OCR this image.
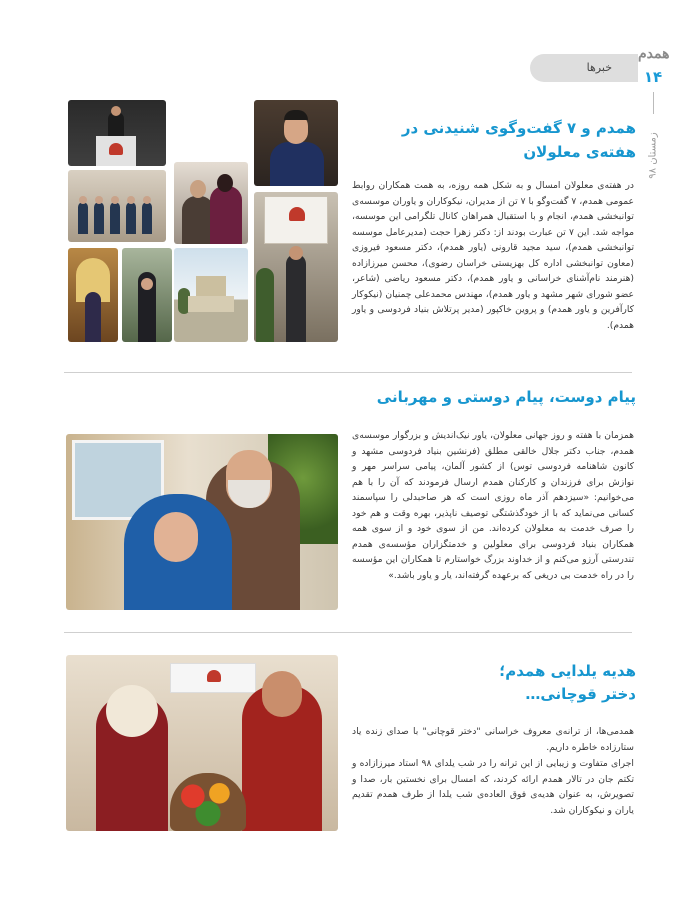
خبرها
همدم
۱۴
زمستان ۹۸
همدم و ۷ گفت‌وگوی شنیدنی در هفته‌ی معلولان
در هفته‌ی معلولان امسال و به شکل همه روزه، به همت همکاران روابط عمومی همدم، ۷ گفت‌وگو با ۷ تن از مدیران، نیکوکاران و یاوران موسسه‌ی توانبخشی همدم، انجام و با استقبال همراهان کانال تلگرامی این موسسه، مواجه شد. این ۷ تن عبارت بودند از: دکتر زهرا حجت (مدیرعامل موسسه توانبخشی همدم)، سید مجید قارونی (یاور همدم)، دکتر مسعود فیروزی (معاون توانبخشی اداره کل بهزیستی خراسان رضوی)، محسن میرزازاده (هنرمند نام‌آشنای خراسانی و یاور همدم)، دکتر مسعود ریاضی (شاعر، عضو شورای شهر مشهد و یاور همدم)، مهندس محمدعلی چمنیان (نیکوکار کارآفرین و یاور همدم) و پروین خاکپور (مدیر پرتلاش بنیاد فردوسی و یاور همدم).
پیام دوست، پیام دوستی و مهربانی
همزمان با هفته و روز جهانی معلولان، یاور نیک‌اندیش و بزرگوار موسسه‌ی همدم، جناب دکتر جلال خالقی مطلق (فرنشین بنیاد فردوسی مشهد و کانون شاهنامه فردوسی توس) از کشور آلمان، پیامی سراسر مهر و نوازش برای فرزندان و کارکنان همدم ارسال فرمودند که آن را با هم می‌خوانیم: «سیزدهم آذر ماه روزی است که هر صاحبدلی را سپاسمند کسانی می‌نماید که با از خودگذشتگی توصیف ناپذیر، بهره وقت و هم خود را صرف خدمت به معلولان کرده‌اند. من از سوی خود و از سوی همه همکاران بنیاد فردوسی برای معلولین و خدمتگزاران مؤسسه‌ی همدم تندرستی آرزو می‌کنم و از خداوند بزرگ خواستارم تا همکاران این مؤسسه را در راه خدمت بی دریغی که برعهده گرفته‌اند، یار و یاور باشد.»
هدیه یلدایی همدم؛
دختر قوچانی…
همدمی‌ها، از ترانه‌ی معروف خراسانی "دختر قوچانی" با صدای زنده یاد ستارزاده خاطره داریم.
اجرای متفاوت و زیبایی از این ترانه را در شب یلدای ۹۸ استاد میرزازاده و تکتم جان در تالار همدم ارائه کردند، که امسال برای نخستین بار، صدا و تصویرش، به عنوان هدیه‌ی فوق العاده‌ی شب یلدا از طرف همدم تقدیم یاران و نیکوکاران شد.
